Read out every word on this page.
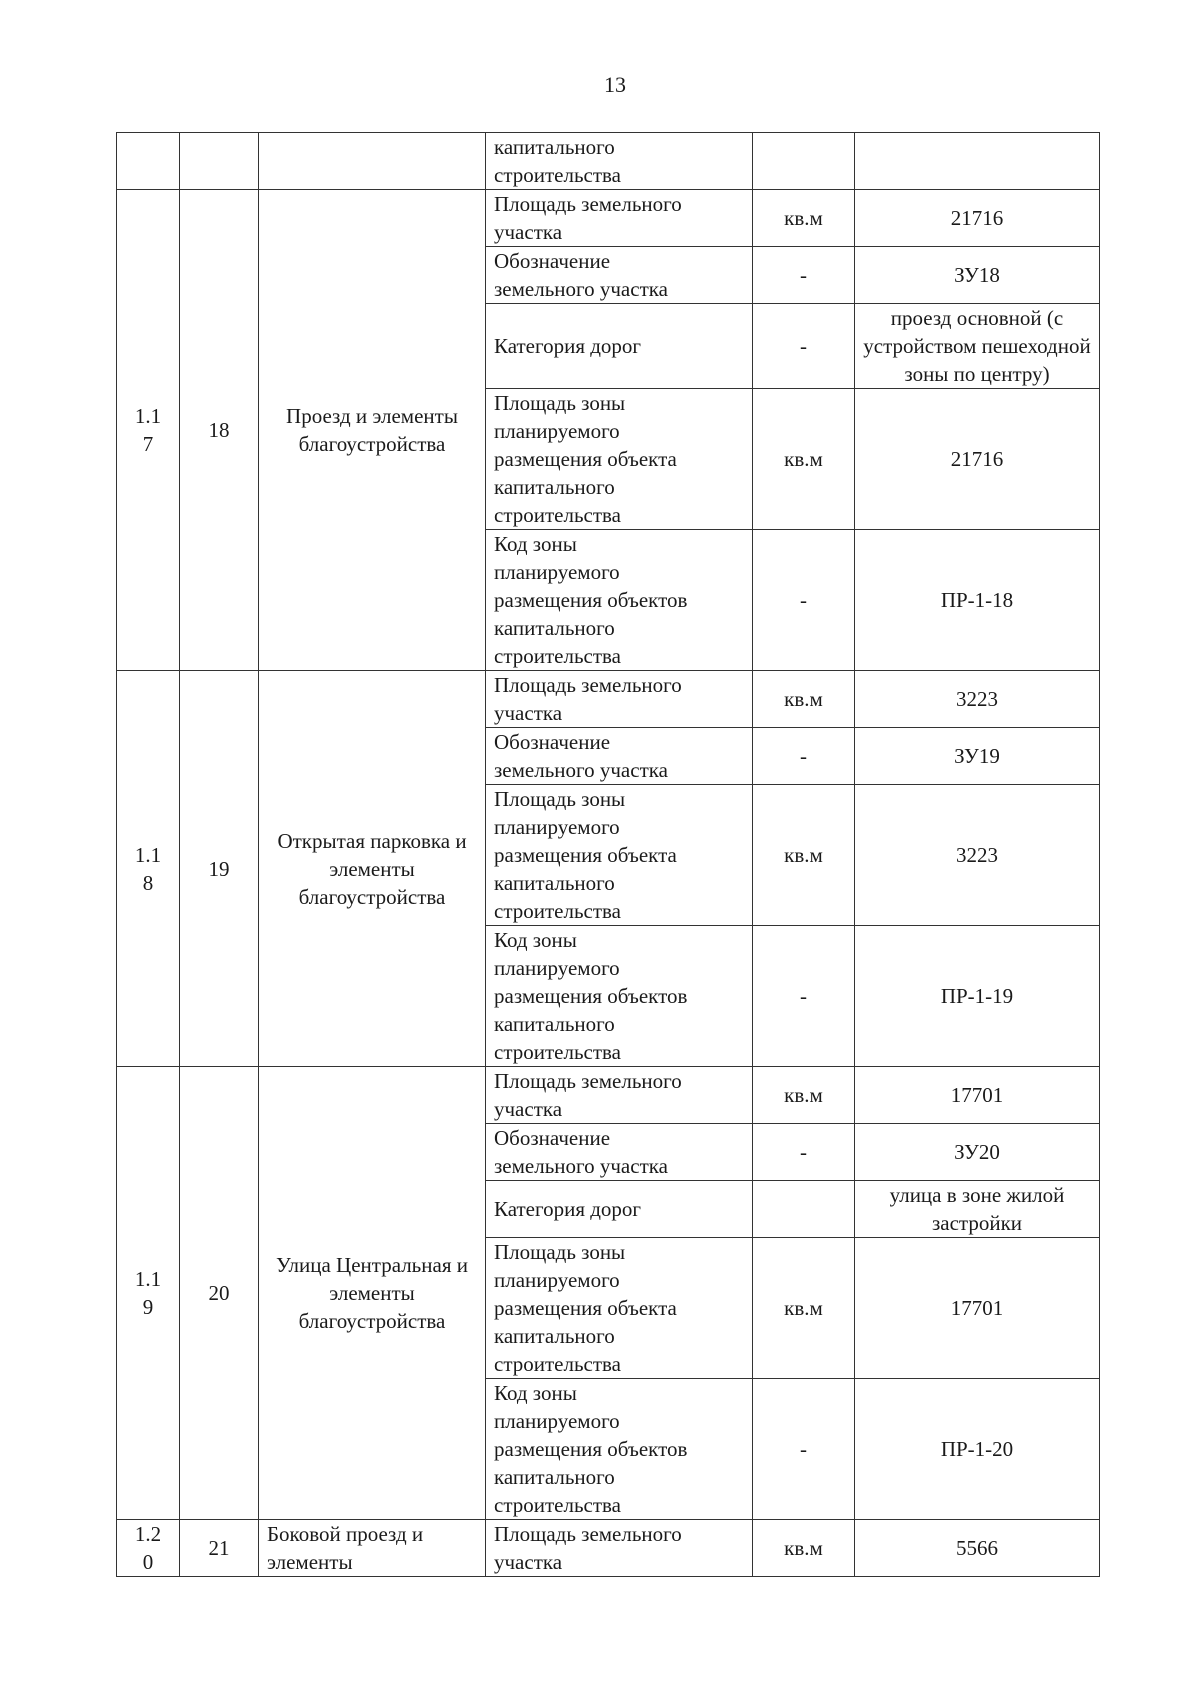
13
			капитального
строительства		
1.1
7	18	Проезд и элементы благоустройства	Площадь земельного
участка	кв.м	21716
			Обозначение
земельного участка	-	ЗУ18
			Категория дорог	-	проезд основной (с устройством пешеходной зоны по центру)
			Площадь зоны
планируемого
размещения объекта
капитального
строительства	кв.м	21716
			Код зоны
планируемого
размещения объектов
капитального
строительства	-	ПР-1-18
1.1
8	19	Открытая парковка и элементы благоустройства	Площадь земельного
участка	кв.м	3223
			Обозначение
земельного участка	-	ЗУ19
			Площадь зоны
планируемого
размещения объекта
капитального
строительства	кв.м	3223
			Код зоны
планируемого
размещения объектов
капитального
строительства	-	ПР-1-19
1.1
9	20	Улица Центральная и элементы благоустройства	Площадь земельного
участка	кв.м	17701
			Обозначение
земельного участка	-	ЗУ20
			Категория дорог		улица в зоне жилой застройки
			Площадь зоны
планируемого
размещения объекта
капитального
строительства	кв.м	17701
			Код зоны
планируемого
размещения объектов
капитального
строительства	-	ПР-1-20
1.2
0	21	Боковой проезд и элементы	Площадь земельного
участка	кв.м	5566
